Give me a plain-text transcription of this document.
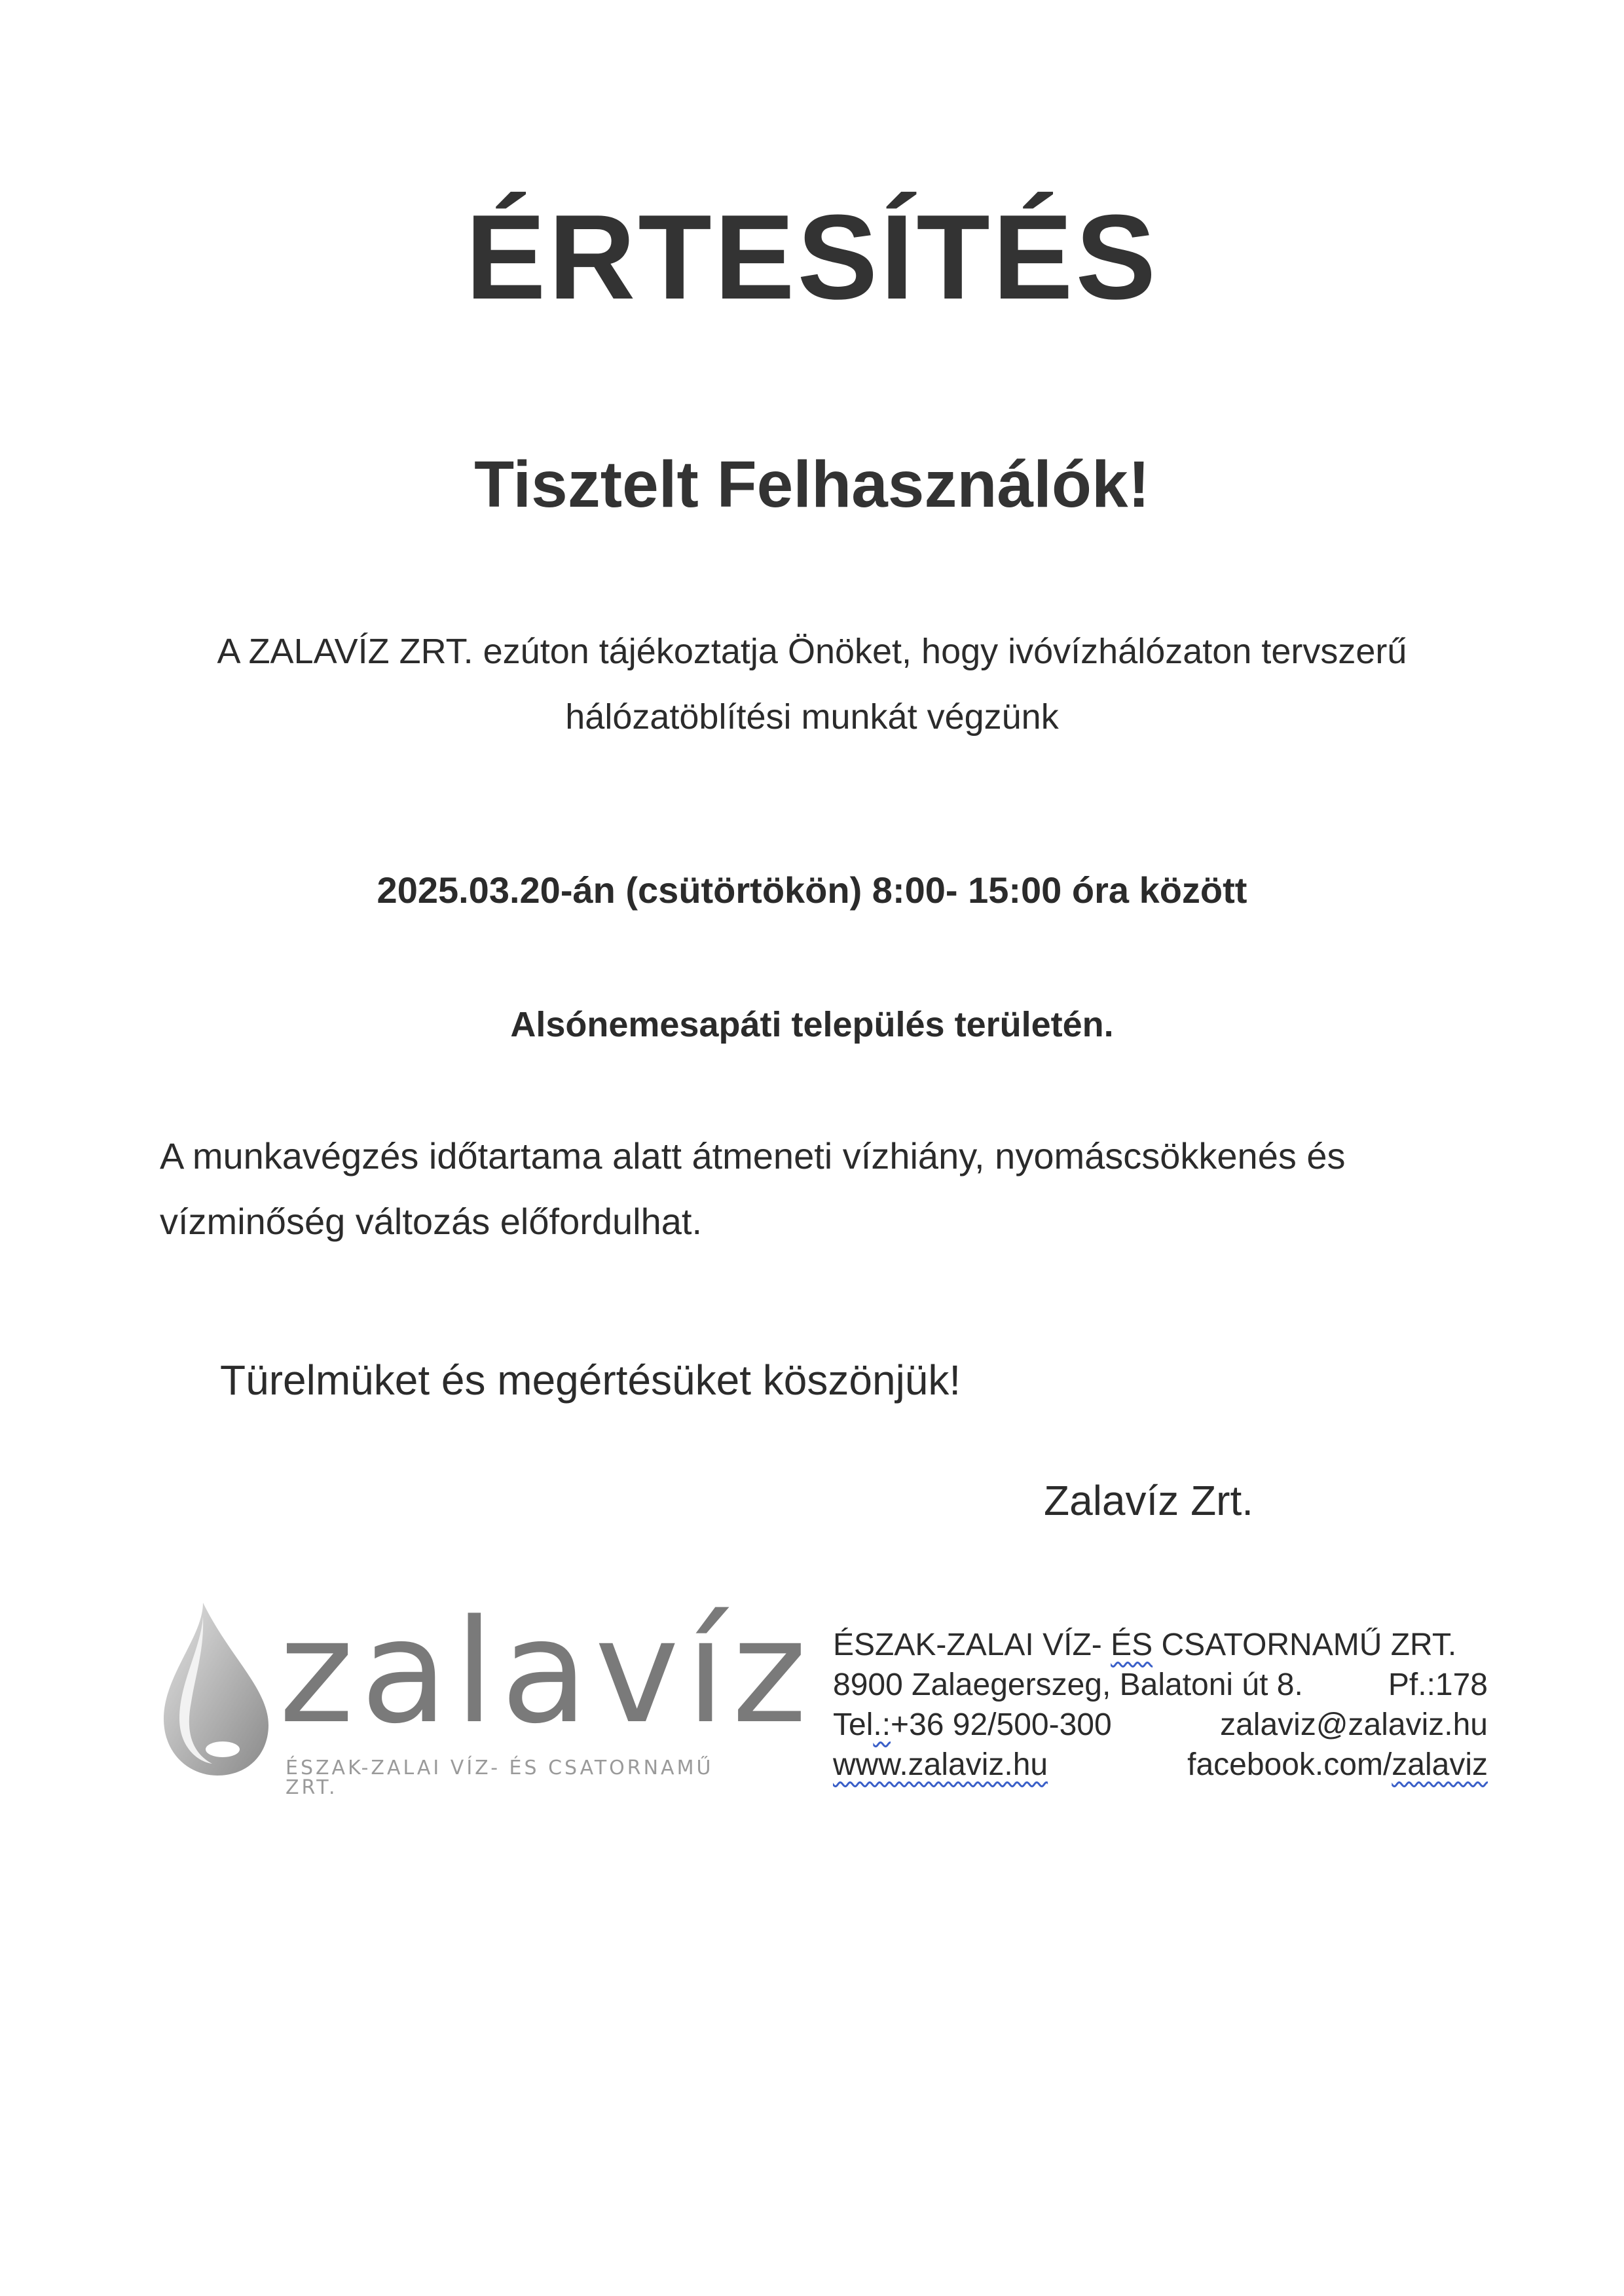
ÉRTESÍTÉS
Tisztelt Felhasználók!
A ZALAVÍZ ZRT. ezúton tájékoztatja Önöket, hogy ivóvízhálózaton tervszerű
hálózatöblítési munkát végzünk
2025.03.20-án (csütörtökön) 8:00- 15:00 óra között
Alsónemesapáti település területén.
A munkavégzés időtartama alatt átmeneti vízhiány, nyomáscsökkenés és
vízminőség változás előfordulhat.
Türelmüket és megértésüket köszönjük!
Zalavíz Zrt.
zalavíz
ÉSZAK-ZALAI VÍZ- ÉS CSATORNAMŰ ZRT.
ÉSZAK-ZALAI VÍZ- ÉS CSATORNAMŰ ZRT.
8900 Zalaegerszeg, Balatoni út 8.	Pf.:178
Tel.:+36 92/500-300	zalaviz@zalaviz.hu
www.zalaviz.hu	facebook.com/zalaviz
